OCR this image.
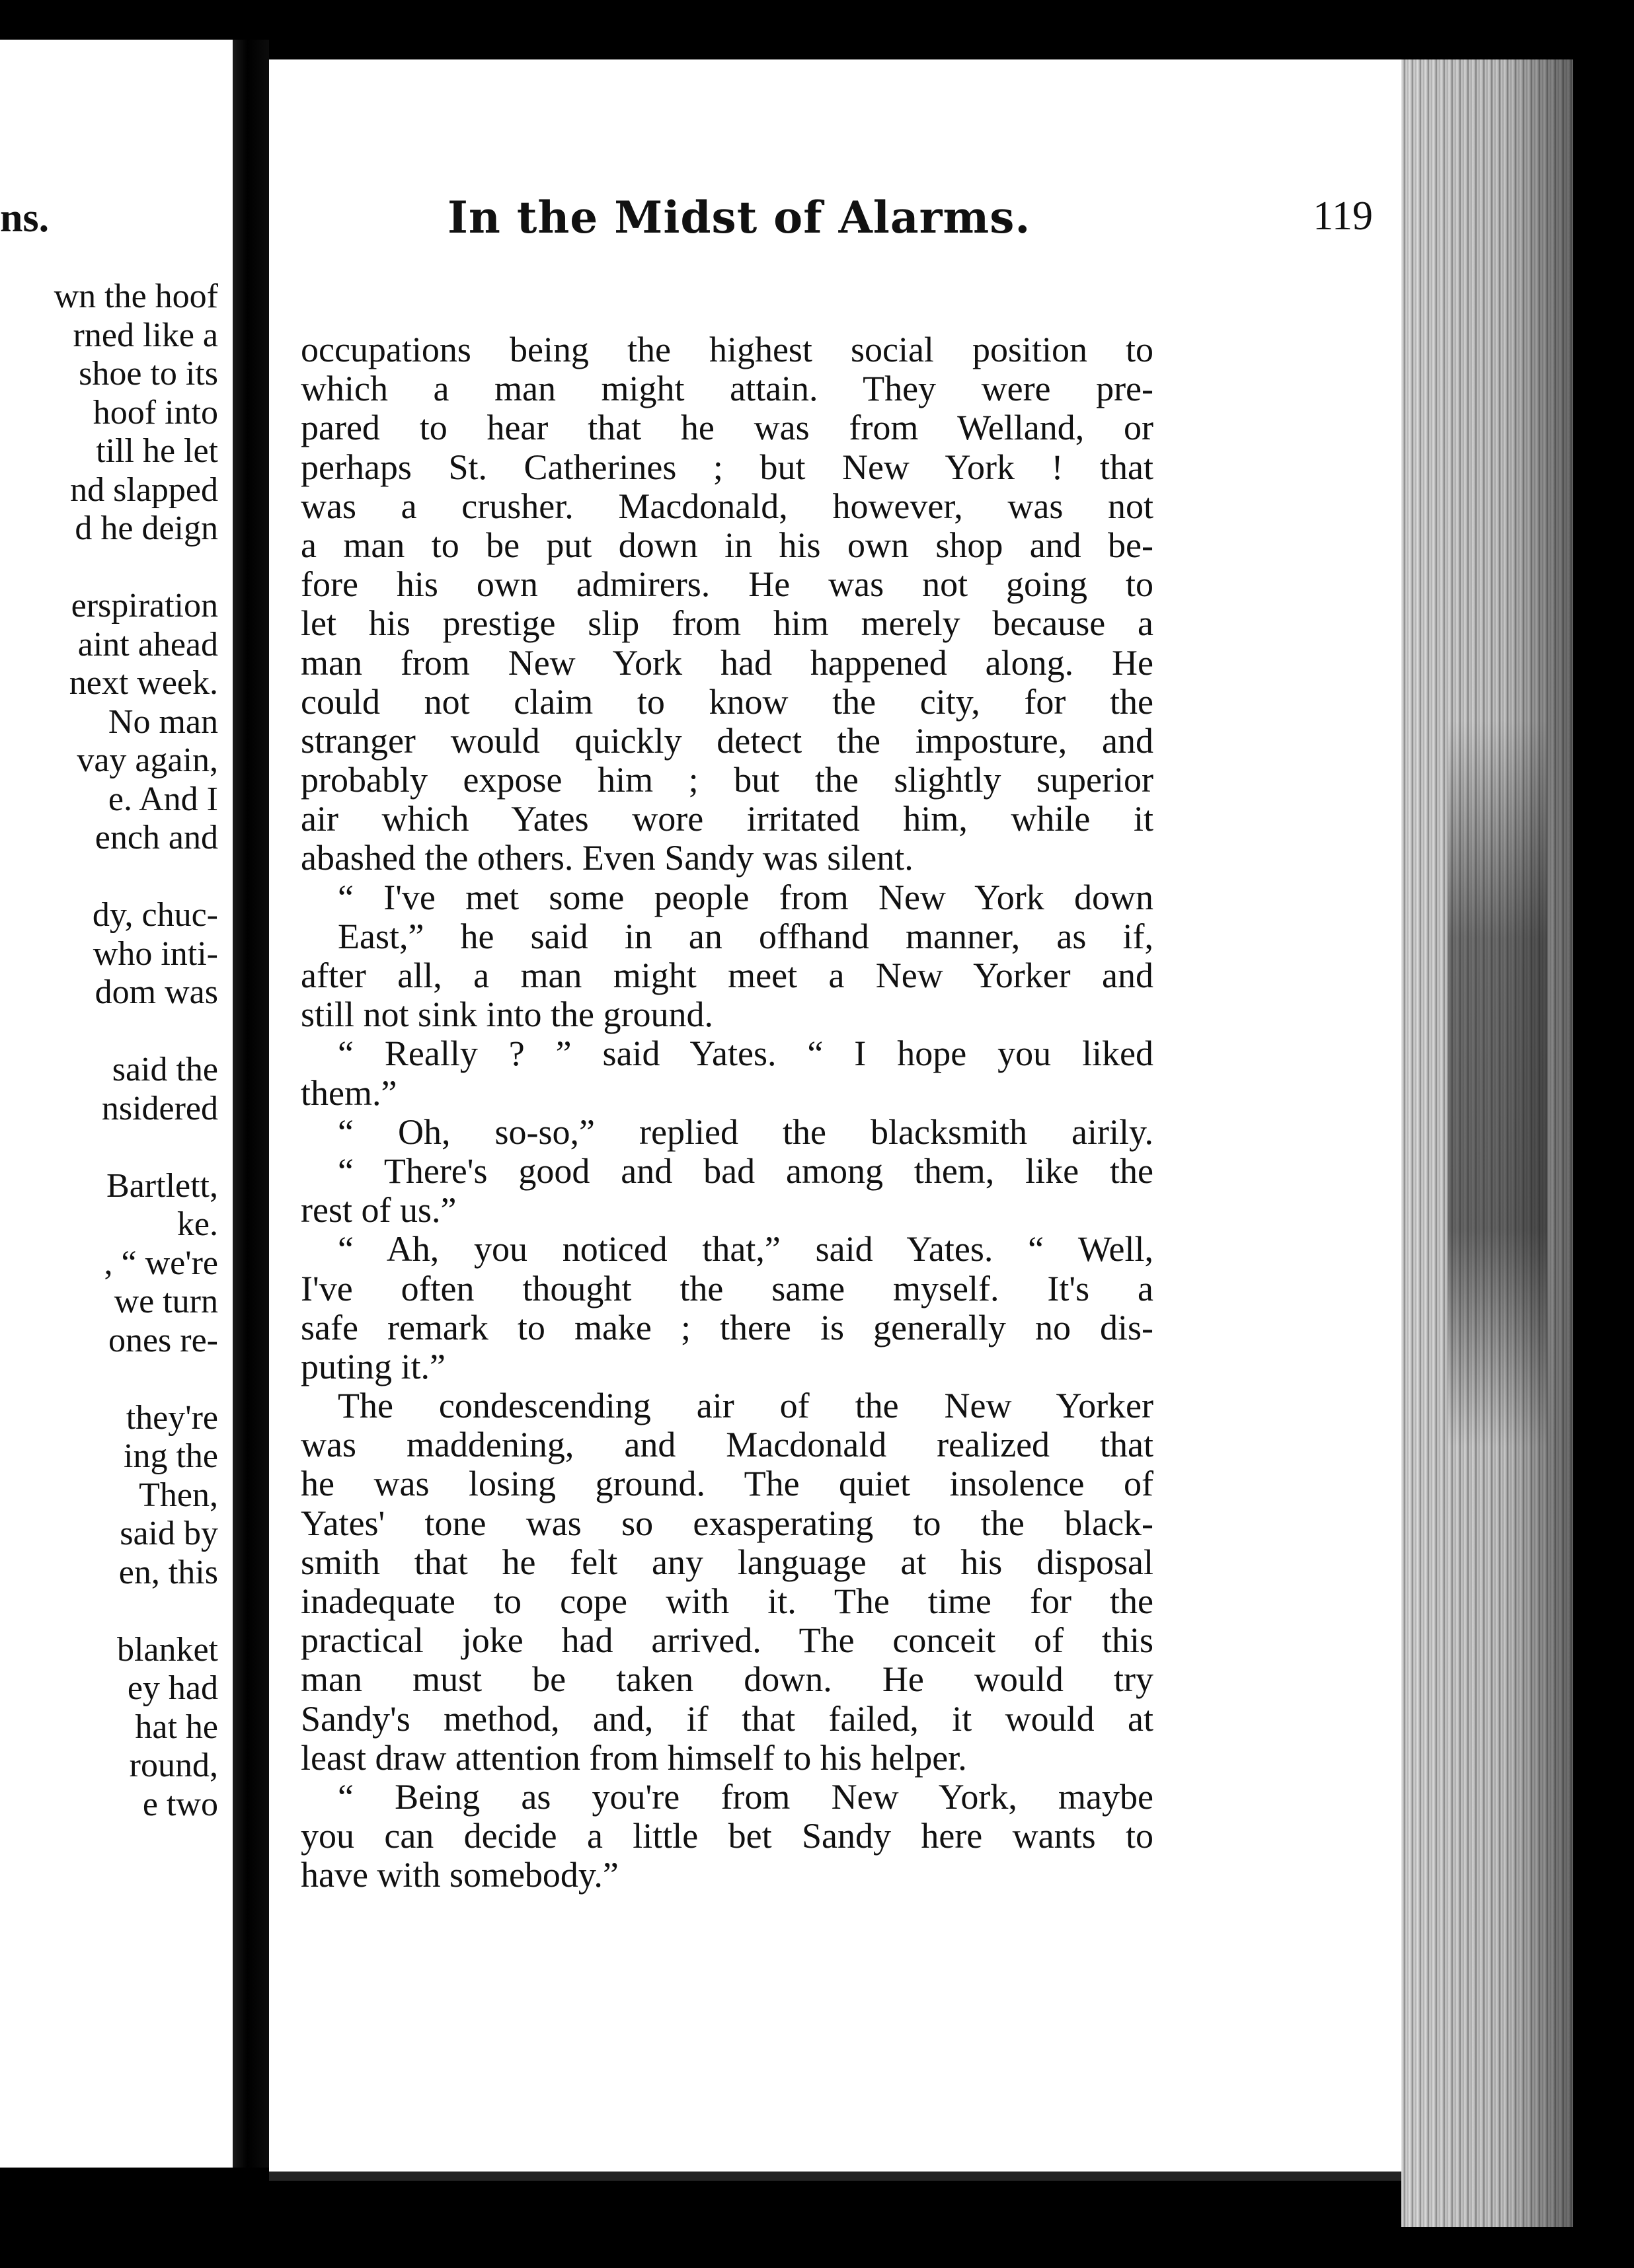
ns.
wn the hoof
rned like a
shoe to its
hoof into
till he let
nd slapped
d he deign
erspiration
aint ahead
next week.
No man
vay again,
e. And I
ench and
dy, chuc-
who inti-
dom was
said the
nsidered
Bartlett,
ke.
, “ we're
we turn
ones re-
they're
ing the
Then,
said by
en, this
blanket
ey had
hat he
round,
e two
In the Midst of Alarms.	119
occupations being the highest social position to
which a man might attain. They were pre-
pared to hear that he was from Welland, or
perhaps St. Catherines ; but New York ! that
was a crusher. Macdonald, however, was not
a man to be put down in his own shop and be-
fore his own admirers. He was not going to
let his prestige slip from him merely because a
man from New York had happened along. He
could not claim to know the city, for the
stranger would quickly detect the imposture, and
probably expose him ; but the slightly superior
air which Yates wore irritated him, while it
abashed the others. Even Sandy was silent.
“ I've met some people from New York down
East,” he said in an offhand manner, as if,
after all, a man might meet a New Yorker and
still not sink into the ground.
“ Really ? ” said Yates. “ I hope you liked
them.”
“ Oh, so-so,” replied the blacksmith airily.
“ There's good and bad among them, like the
rest of us.”
“ Ah, you noticed that,” said Yates. “ Well,
I've often thought the same myself. It's a
safe remark to make ; there is generally no dis-
puting it.”
The condescending air of the New Yorker
was maddening, and Macdonald realized that
he was losing ground. The quiet insolence of
Yates' tone was so exasperating to the black-
smith that he felt any language at his disposal
inadequate to cope with it. The time for the
practical joke had arrived. The conceit of this
man must be taken down. He would try
Sandy's method, and, if that failed, it would at
least draw attention from himself to his helper.
“ Being as you're from New York, maybe
you can decide a little bet Sandy here wants to
have with somebody.”
